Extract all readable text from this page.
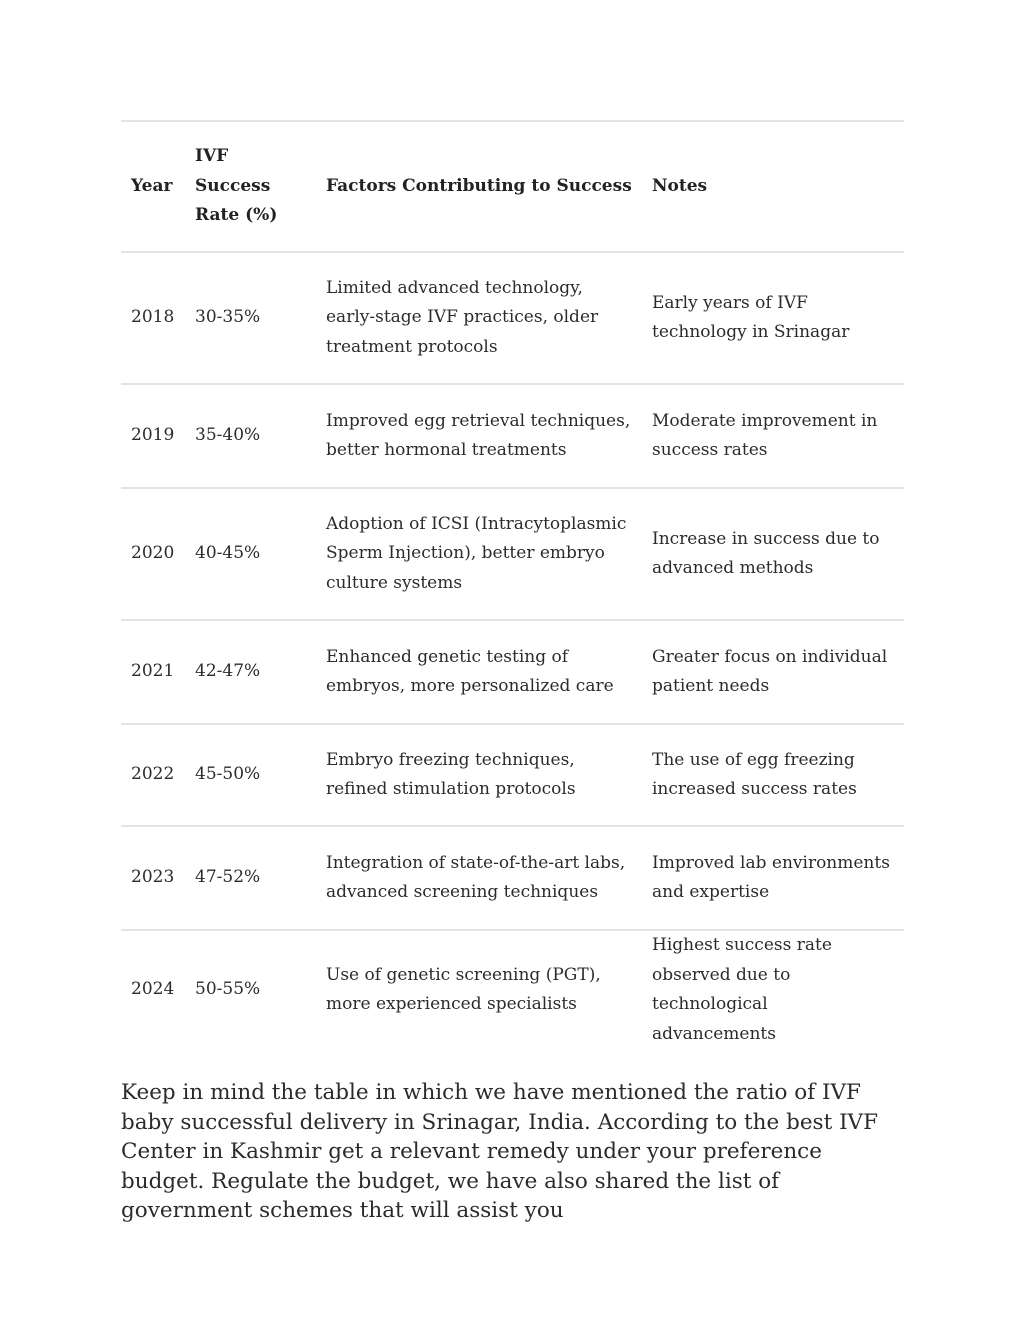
Year	IVF Success Rate (%)	Factors Contributing to Success	Notes
2018	30-35%	Limited advanced technology, early-stage IVF practices, older treatment protocols	Early years of IVF technology in Srinagar
2019	35-40%	Improved egg retrieval techniques, better hormonal treatments	Moderate improvement in success rates
2020	40-45%	Adoption of ICSI (Intracytoplasmic Sperm Injection), better embryo culture systems	Increase in success due to advanced methods
2021	42-47%	Enhanced genetic testing of embryos, more personalized care	Greater focus on individual patient needs
2022	45-50%	Embryo freezing techniques, refined stimulation protocols	The use of egg freezing increased success rates
2023	47-52%	Integration of state-of-the-art labs, advanced screening techniques	Improved lab environments and expertise
2024	50-55%	Use of genetic screening (PGT), more experienced specialists	Highest success rate observed due to technological advancements

Keep in mind the table in which we have mentioned the ratio of IVF baby successful delivery in Srinagar, India. According to the best IVF Center in Kashmir get a relevant remedy under your preference budget. Regulate the budget, we have also shared the list of government schemes that will assist you
